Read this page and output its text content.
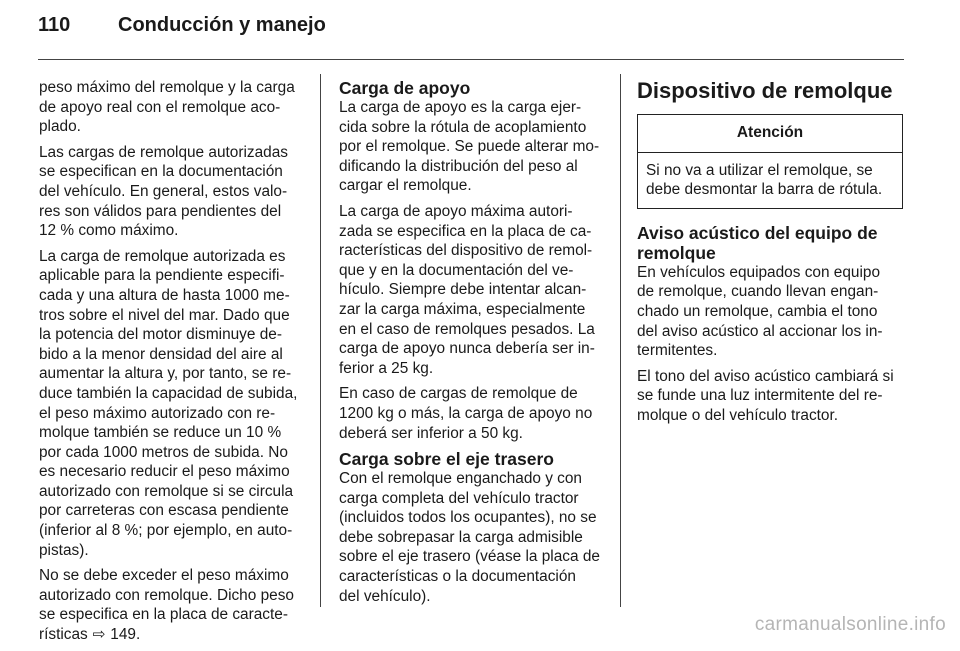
110 Conducción y manejo

peso máximo del remolque y la carga
de apoyo real con el remolque aco-
plado.

Las cargas de remolque autorizadas
se especifican en la documentación
del vehículo. En general, estos valo-
res son válidos para pendientes del
12 % como máximo.

La carga de remolque autorizada es
aplicable para la pendiente especifi-
cada y una altura de hasta 1000 me-
tros sobre el nivel del mar. Dado que
la potencia del motor disminuye de-
bido a la menor densidad del aire al
aumentar la altura y, por tanto, se re-
duce también la capacidad de subida,
el peso máximo autorizado con re-
molque también se reduce un 10 %
por cada 1000 metros de subida. No
es necesario reducir el peso máximo
autorizado con remolque si se circula
por carreteras con escasa pendiente
(inferior al 8 %; por ejemplo, en auto-
pistas).

No se debe exceder el peso máximo
autorizado con remolque. Dicho peso
se especifica en la placa de caracte-
rísticas ⇨ 149.

Carga de apoyo

La carga de apoyo es la carga ejer-
cida sobre la rótula de acoplamiento
por el remolque. Se puede alterar mo-
dificando la distribución del peso al
cargar el remolque.

La carga de apoyo máxima autori-
zada se especifica en la placa de ca-
racterísticas del dispositivo de remol-
que y en la documentación del ve-
hículo. Siempre debe intentar alcan-
zar la carga máxima, especialmente
en el caso de remolques pesados. La
carga de apoyo nunca debería ser in-
ferior a 25 kg.

En caso de cargas de remolque de
1200 kg o más, la carga de apoyo no
deberá ser inferior a 50 kg.

Carga sobre el eje trasero

Con el remolque enganchado y con
carga completa del vehículo tractor
(incluidos todos los ocupantes), no se
debe sobrepasar la carga admisible
sobre el eje trasero (véase la placa de
características o la documentación
del vehículo).

Dispositivo de remolque
Atención
Si no va a utilizar el remolque, se
debe desmontar la barra de rótula.
Aviso acústico del equipo de
remolque

En vehículos equipados con equipo
de remolque, cuando llevan engan-
chado un remolque, cambia el tono
del aviso acústico al accionar los in-
termitentes.

El tono del aviso acústico cambiará si
se funde una luz intermitente del re-
molque o del vehículo tractor.

carmanualsonline.info
